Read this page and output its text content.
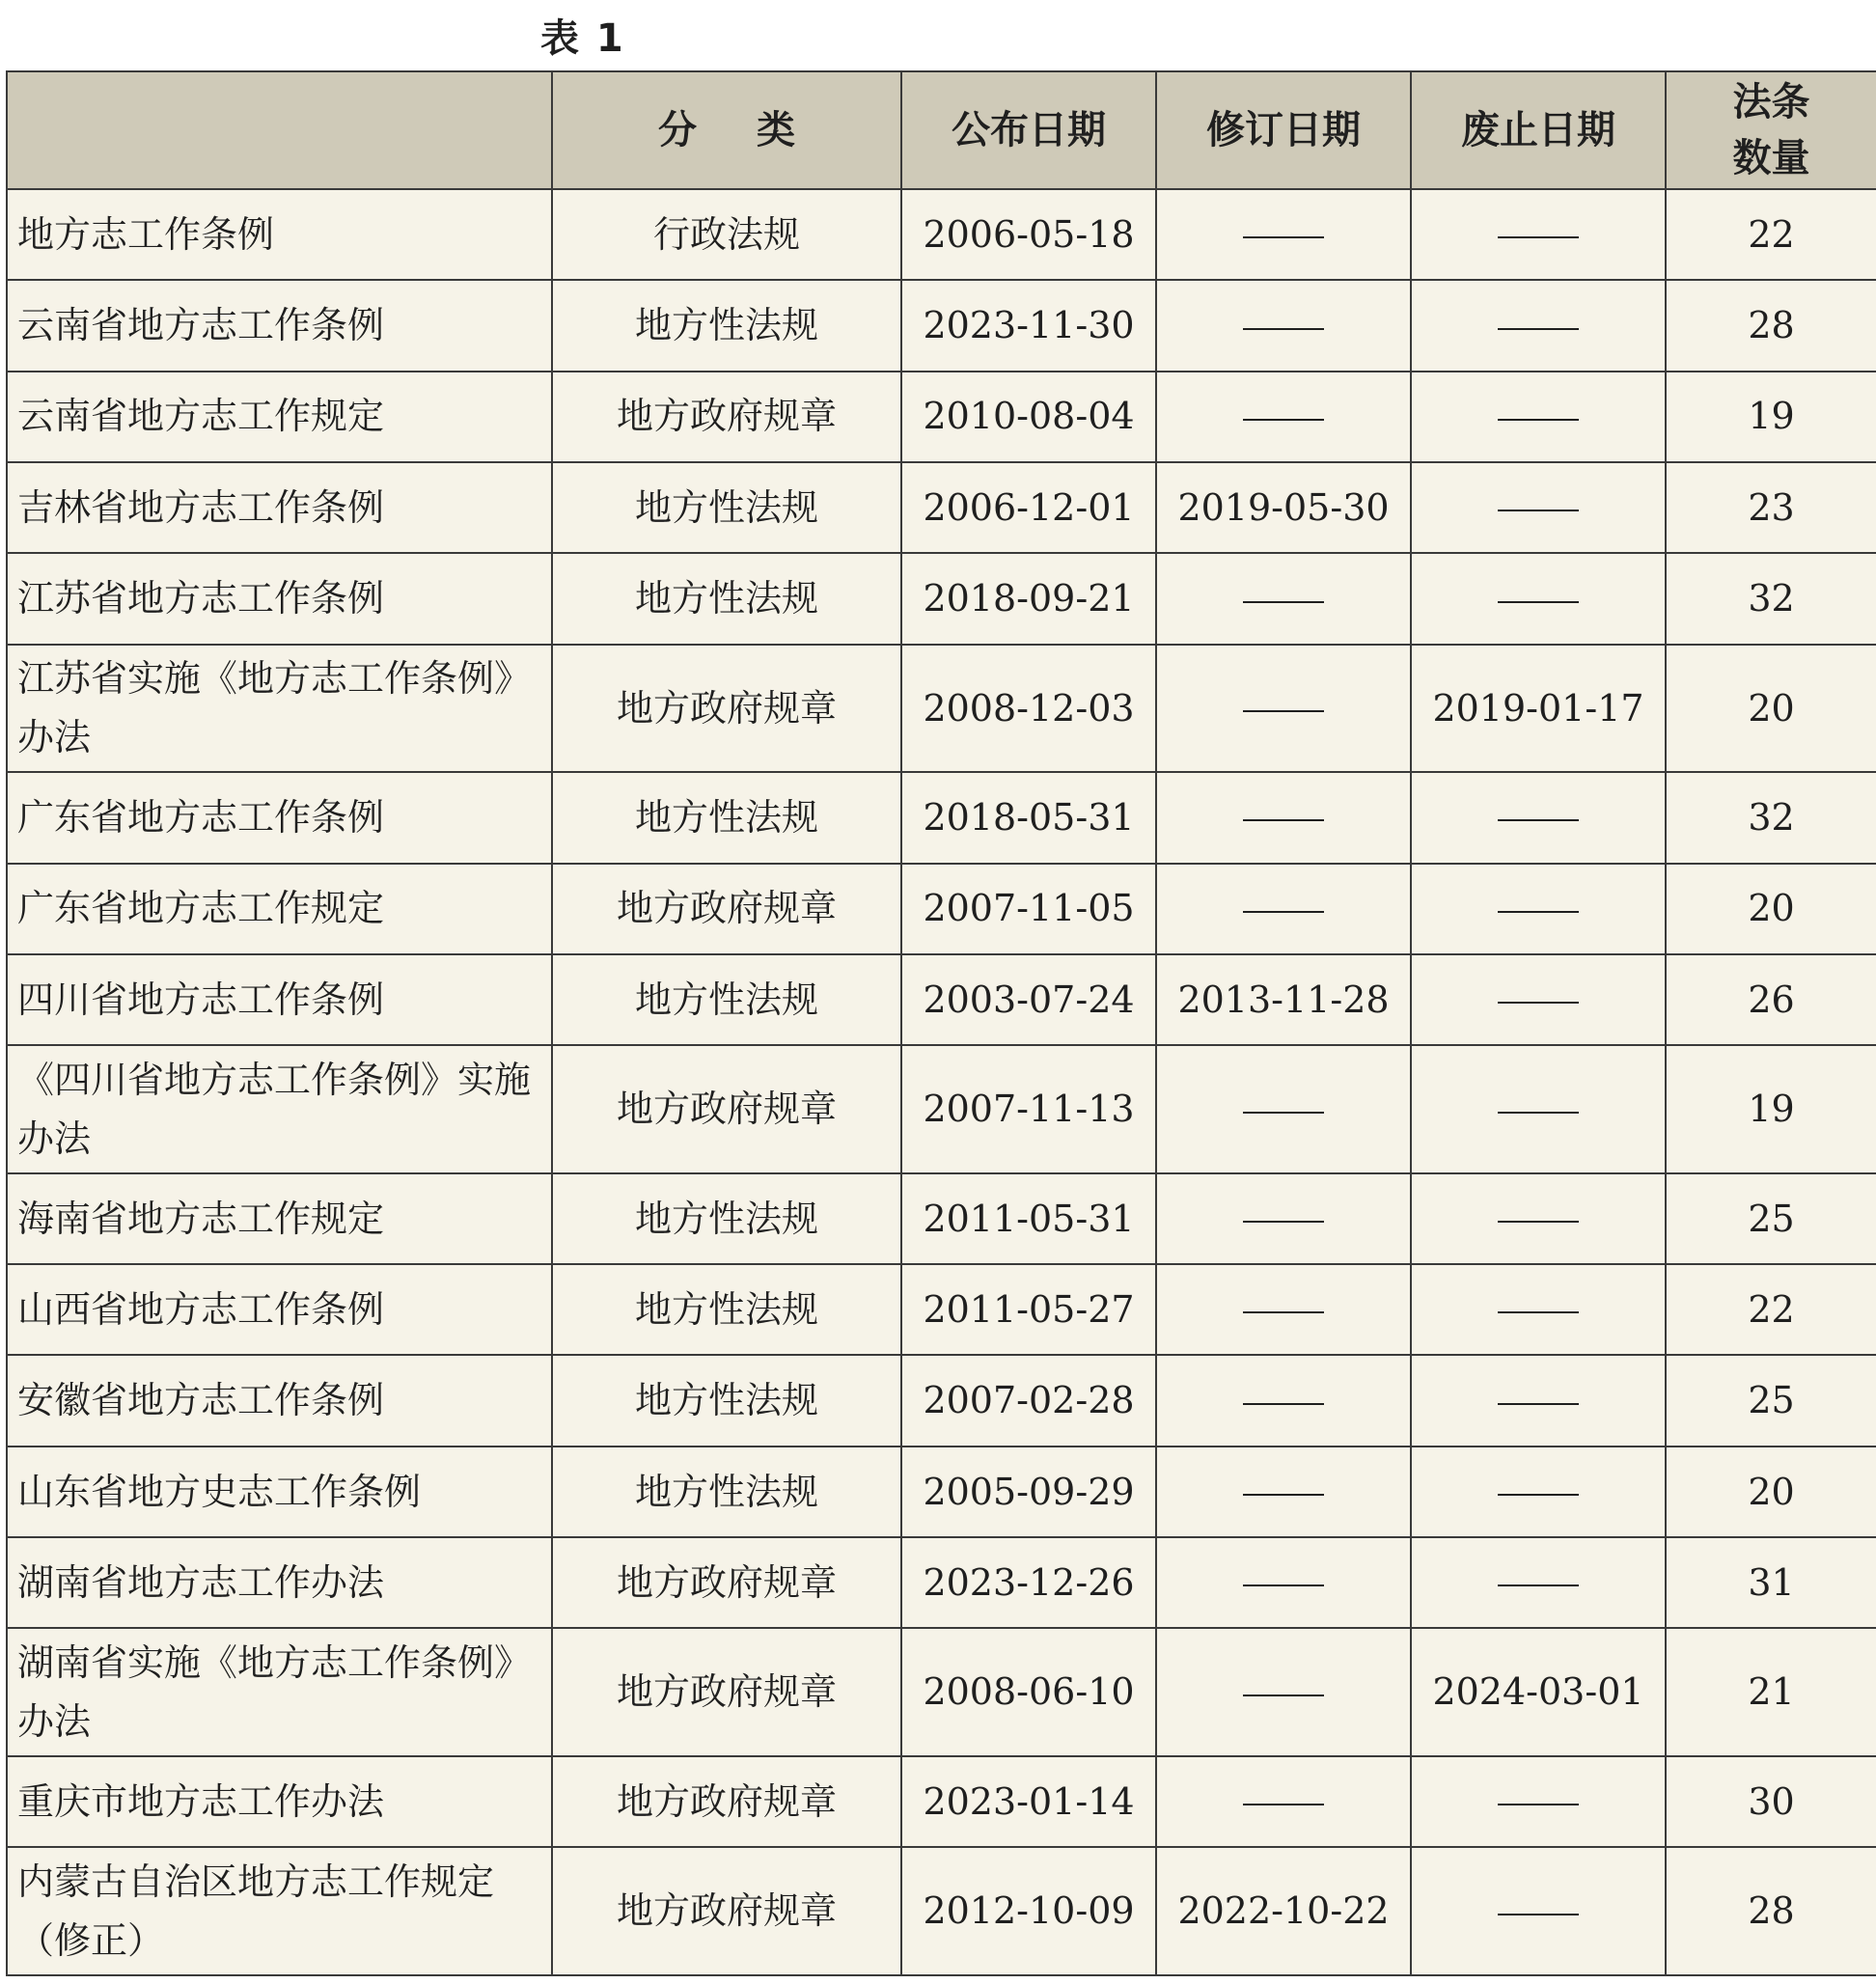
表 1
	分 类	公布日期	修订日期	废止日期	法条
数量

地方志工作条例	行政法规	2006-05-18			22
云南省地方志工作条例	地方性法规	2023-11-30			28
云南省地方志工作规定	地方政府规章	2010-08-04			19
吉林省地方志工作条例	地方性法规	2006-12-01	2019-05-30		23
江苏省地方志工作条例	地方性法规	2018-09-21			32
江苏省实施《地方志工作条例》办法	地方政府规章	2008-12-03		2019-01-17	20
广东省地方志工作条例	地方性法规	2018-05-31			32
广东省地方志工作规定	地方政府规章	2007-11-05			20
四川省地方志工作条例	地方性法规	2003-07-24	2013-11-28		26
《四川省地方志工作条例》实施办法	地方政府规章	2007-11-13			19
海南省地方志工作规定	地方性法规	2011-05-31			25
山西省地方志工作条例	地方性法规	2011-05-27			22
安徽省地方志工作条例	地方性法规	2007-02-28			25
山东省地方史志工作条例	地方性法规	2005-09-29			20
湖南省地方志工作办法	地方政府规章	2023-12-26			31
湖南省实施《地方志工作条例》办法	地方政府规章	2008-06-10		2024-03-01	21
重庆市地方志工作办法	地方政府规章	2023-01-14			30
内蒙古自治区地方志工作规定（修正）	地方政府规章	2012-10-09	2022-10-22		28
